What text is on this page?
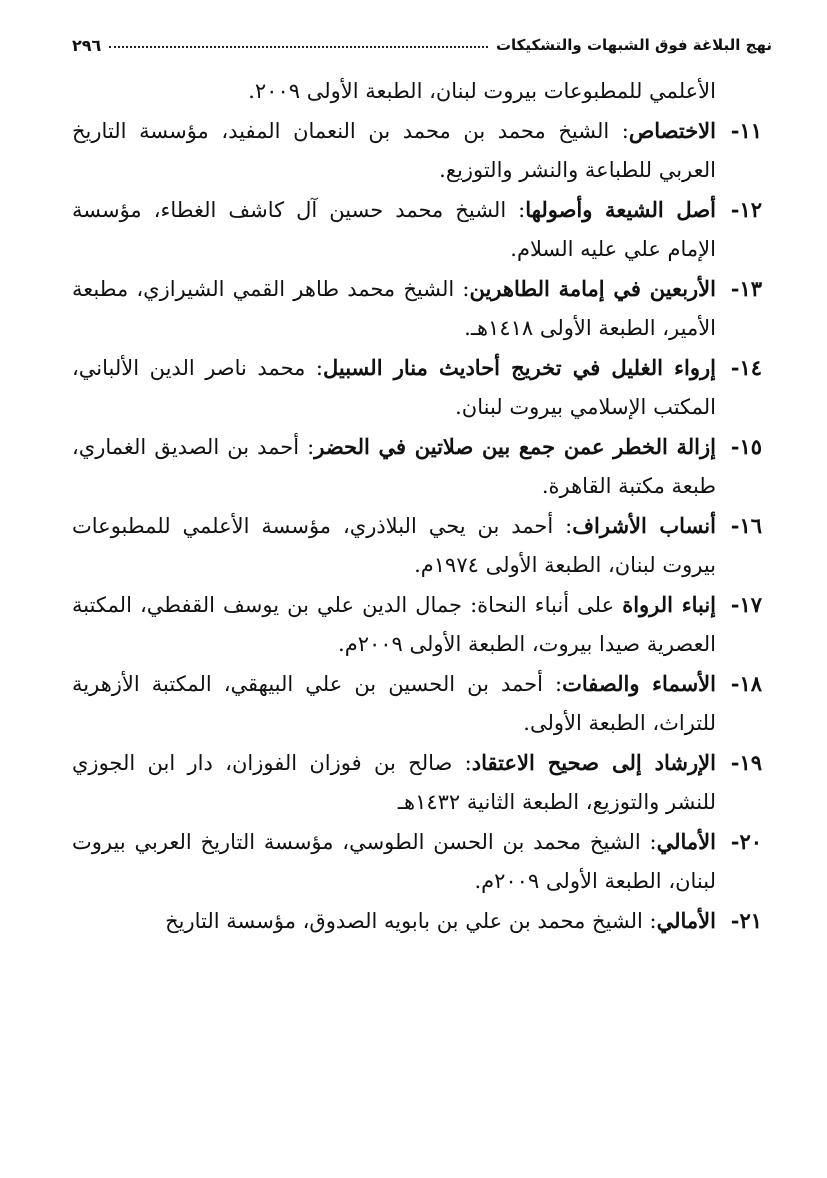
نهج البلاغة فوق الشبهات والتشكيكات
٢٩٦
الأعلمي للمطبوعات بيروت لبنان، الطبعة الأولى ٢٠٠٩.
١١-
الاختصاص: الشيخ محمد بن محمد بن النعمان المفيد، مؤسسة التاريخ العربي للطباعة والنشر والتوزيع.
١٢-
أصل الشيعة وأصولها: الشيخ محمد حسين آل كاشف الغطاء، مؤسسة الإمام علي عليه السلام.
١٣-
الأربعين في إمامة الطاهرين: الشيخ محمد طاهر القمي الشيرازي، مطبعة الأمير، الطبعة الأولى ١٤١٨هـ.
١٤-
إرواء الغليل في تخريج أحاديث منار السبيل: محمد ناصر الدين الألباني، المكتب الإسلامي بيروت لبنان.
١٥-
إزالة الخطر عمن جمع بين صلاتين في الحضر: أحمد بن الصديق الغماري، طبعة مكتبة القاهرة.
١٦-
أنساب الأشراف: أحمد بن يحي البلاذري، مؤسسة الأعلمي للمطبوعات بيروت لبنان، الطبعة الأولى ١٩٧٤م.
١٧-
إنباء الرواة على أنباء النحاة: جمال الدين علي بن يوسف القفطي، المكتبة العصرية صيدا بيروت، الطبعة الأولى ٢٠٠٩م.
١٨-
الأسماء والصفات: أحمد بن الحسين بن علي البيهقي، المكتبة الأزهرية للتراث، الطبعة الأولى.
١٩-
الإرشاد إلى صحيح الاعتقاد: صالح بن فوزان الفوزان، دار ابن الجوزي للنشر والتوزيع، الطبعة الثانية ١٤٣٢هـ
٢٠-
الأمالي: الشيخ محمد بن الحسن الطوسي، مؤسسة التاريخ العربي بيروت لبنان، الطبعة الأولى ٢٠٠٩م.
٢١-
الأمالي: الشيخ محمد بن علي بن بابويه الصدوق، مؤسسة التاريخ
